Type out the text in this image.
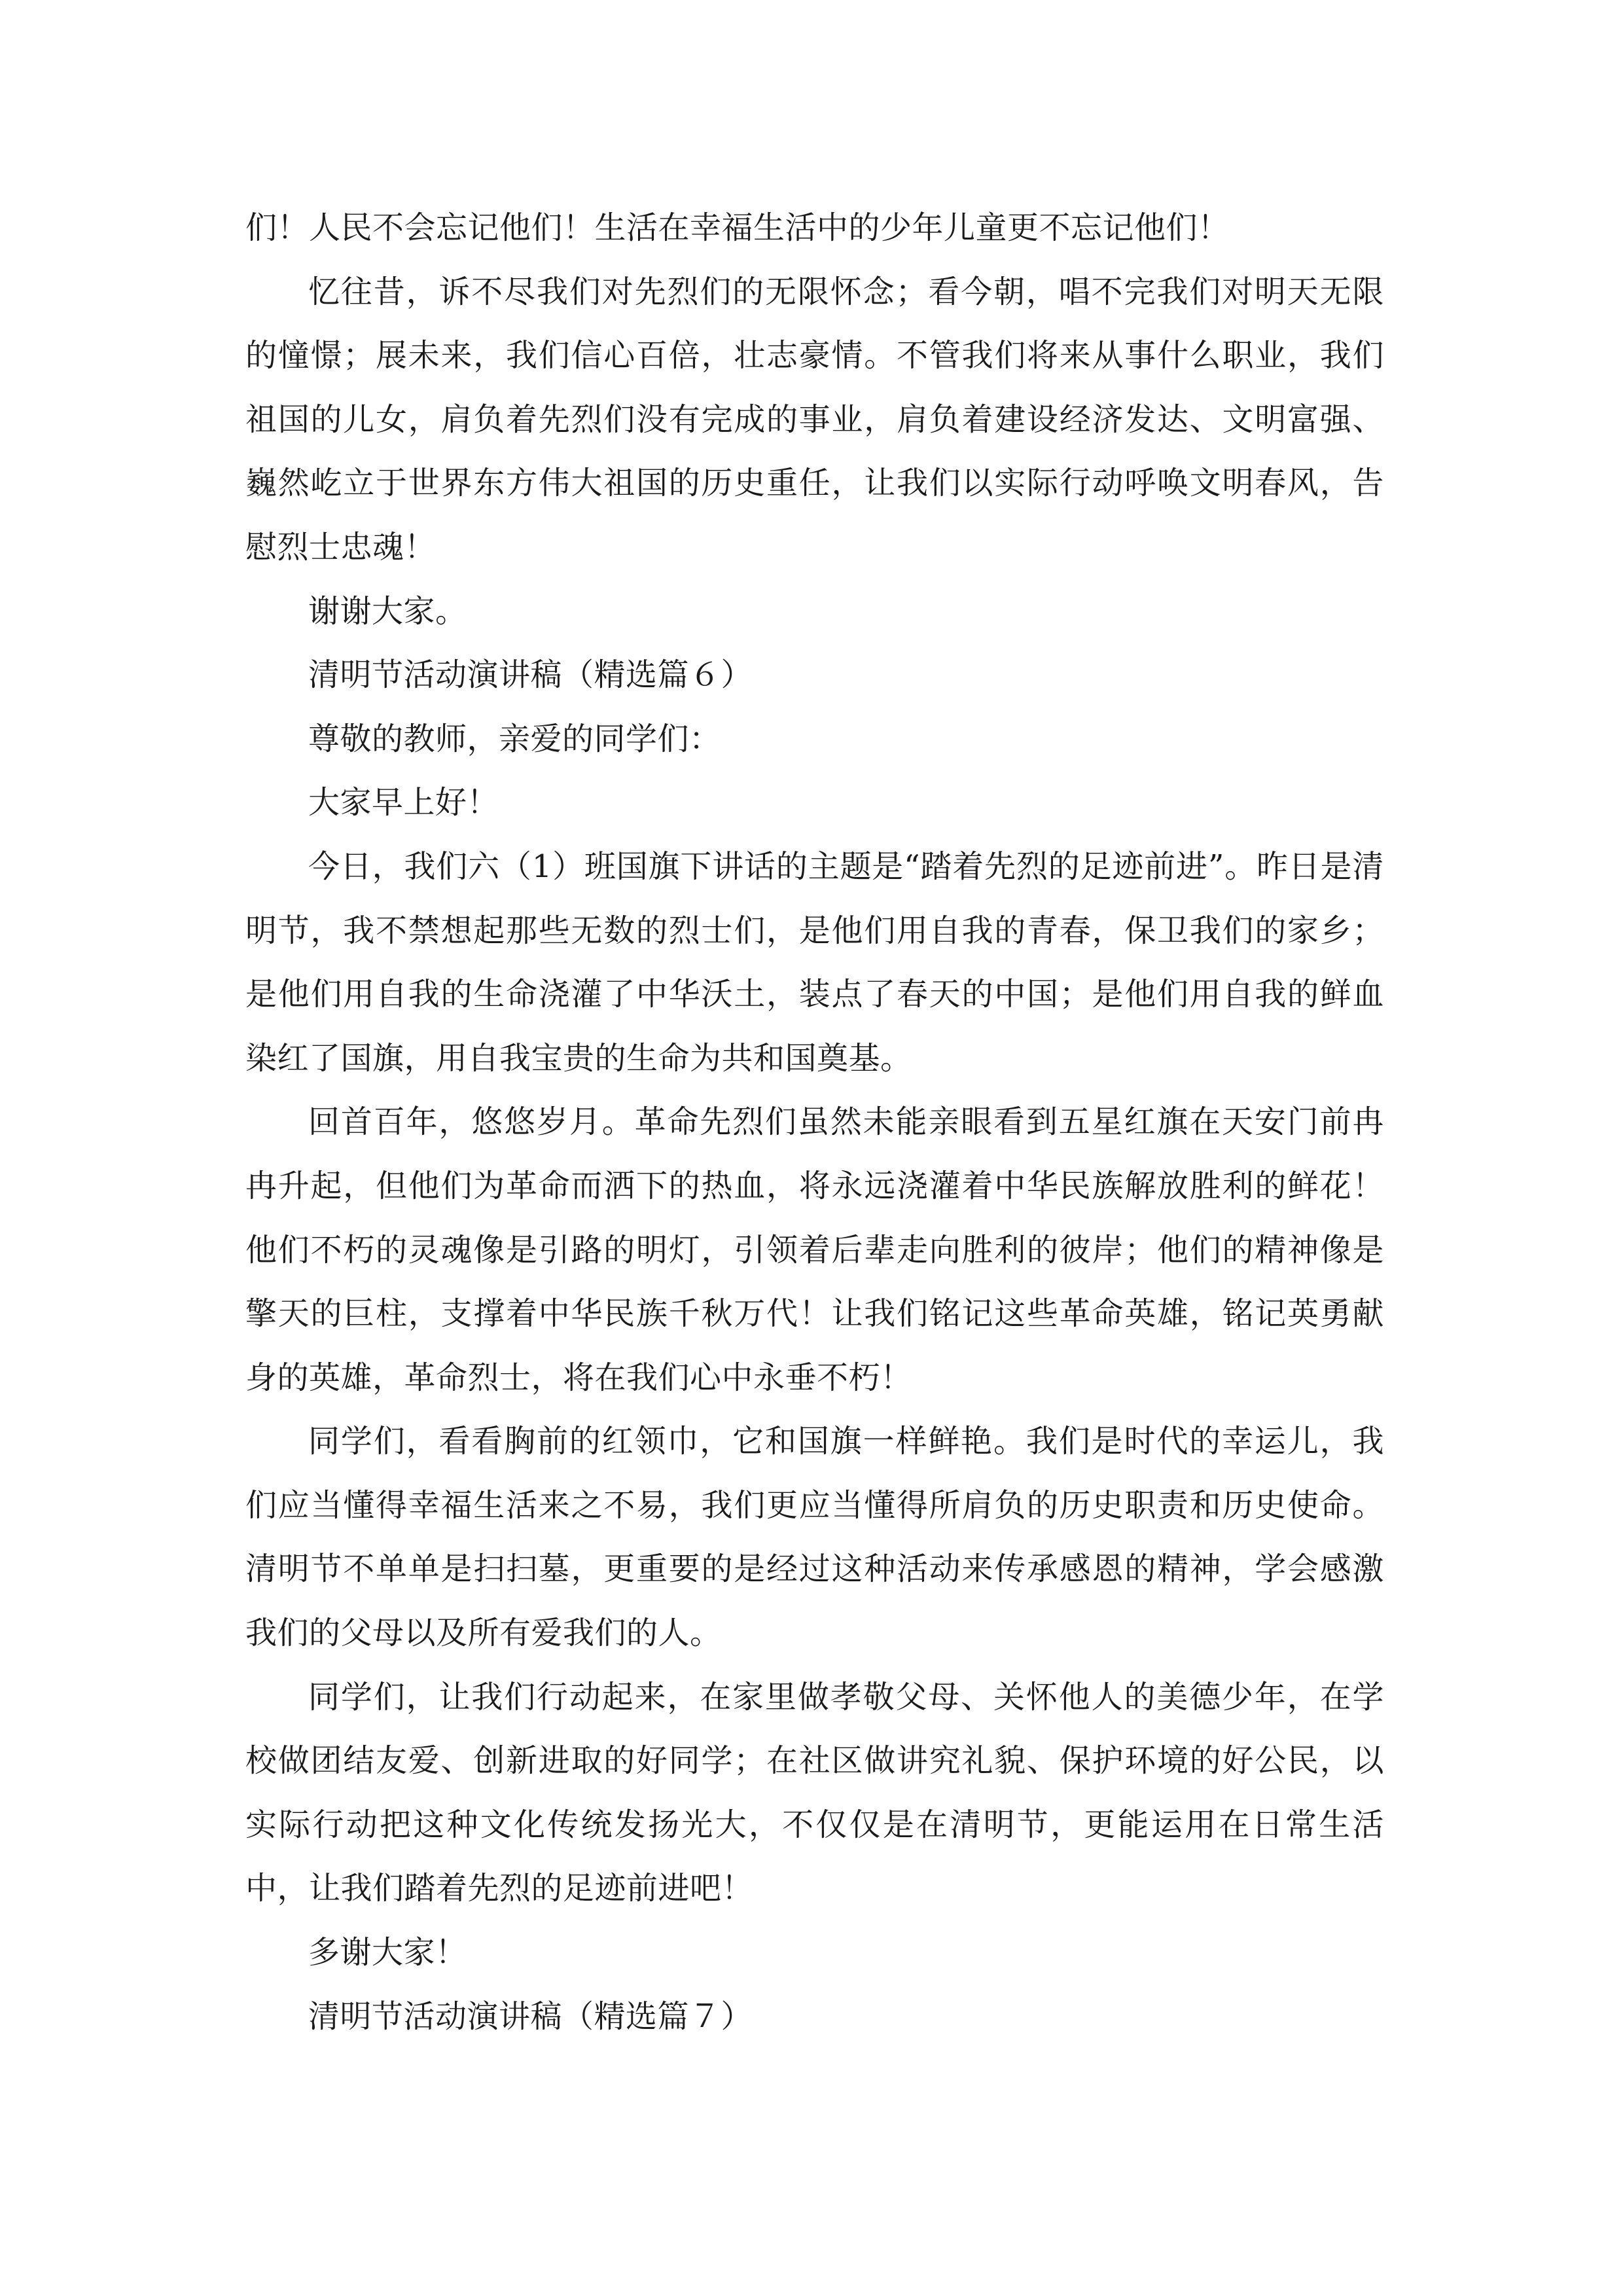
们！人民不会忘记他们！生活在幸福生活中的少年儿童更不忘记他们！

忆往昔，诉不尽我们对先烈们的无限怀念；看今朝，唱不完我们对明天无限的憧憬；展未来，我们信心百倍，壮志豪情。不管我们将来从事什么职业，我们祖国的儿女，肩负着先烈们没有完成的事业，肩负着建设经济发达、文明富强、巍然屹立于世界东方伟大祖国的历史重任，让我们以实际行动呼唤文明春风，告慰烈士忠魂！

谢谢大家。

清明节活动演讲稿（精选篇６）

尊敬的教师，亲爱的同学们：

大家早上好！

今日，我们六（1）班国旗下讲话的主题是“踏着先烈的足迹前进”。昨日是清明节，我不禁想起那些无数的烈士们，是他们用自我的青春，保卫我们的家乡；是他们用自我的生命浇灌了中华沃土，装点了春天的中国；是他们用自我的鲜血染红了国旗，用自我宝贵的生命为共和国奠基。

回首百年，悠悠岁月。革命先烈们虽然未能亲眼看到五星红旗在天安门前冉冉升起，但他们为革命而洒下的热血，将永远浇灌着中华民族解放胜利的鲜花！他们不朽的灵魂像是引路的明灯，引领着后辈走向胜利的彼岸；他们的精神像是擎天的巨柱，支撑着中华民族千秋万代！让我们铭记这些革命英雄，铭记英勇献身的英雄，革命烈士，将在我们心中永垂不朽！

同学们，看看胸前的红领巾，它和国旗一样鲜艳。我们是时代的幸运儿，我们应当懂得幸福生活来之不易，我们更应当懂得所肩负的历史职责和历史使命。清明节不单单是扫扫墓，更重要的是经过这种活动来传承感恩的精神，学会感激我们的父母以及所有爱我们的人。

同学们，让我们行动起来，在家里做孝敬父母、关怀他人的美德少年，在学校做团结友爱、创新进取的好同学；在社区做讲究礼貌、保护环境的好公民，以实际行动把这种文化传统发扬光大，不仅仅是在清明节，更能运用在日常生活中，让我们踏着先烈的足迹前进吧！

多谢大家！

清明节活动演讲稿（精选篇７）
